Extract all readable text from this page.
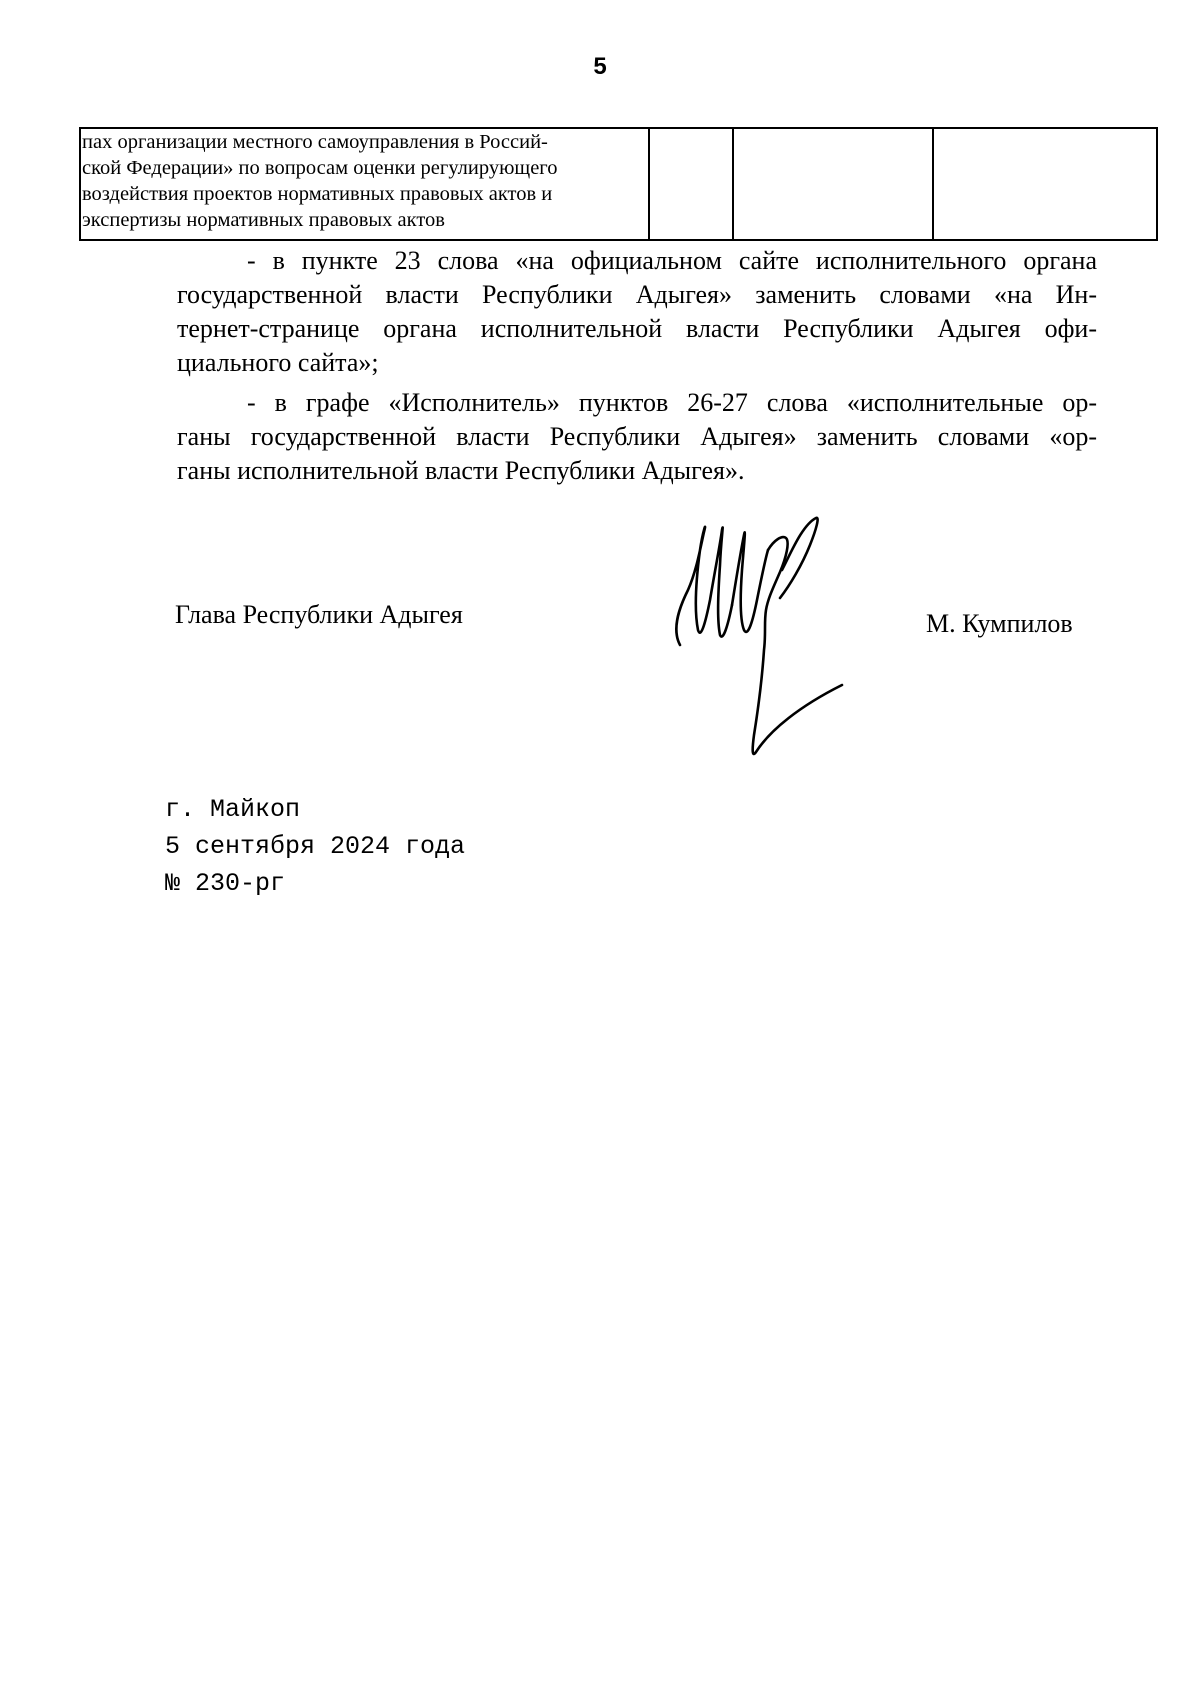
5
пах организации местного самоуправления в Россий-
ской Федерации» по вопросам оценки регулирующего
воздействия проектов нормативных правовых актов и
экспертизы нормативных правовых актов

- в пункте 23 слова «на официальном сайте исполнительного органа
государственной власти Республики Адыгея» заменить словами «на Ин-
тернет-странице органа исполнительной власти Республики Адыгея офи-
циального сайта»;
- в графе «Исполнитель» пунктов 26-27 слова «исполнительные ор-
ганы государственной власти Республики Адыгея» заменить словами «ор-
ганы исполнительной власти Республики Адыгея».
Глава Республики Адыгея	М. Кумпилов
г. Майкоп
5 сентября 2024 года
№ 230-рг
